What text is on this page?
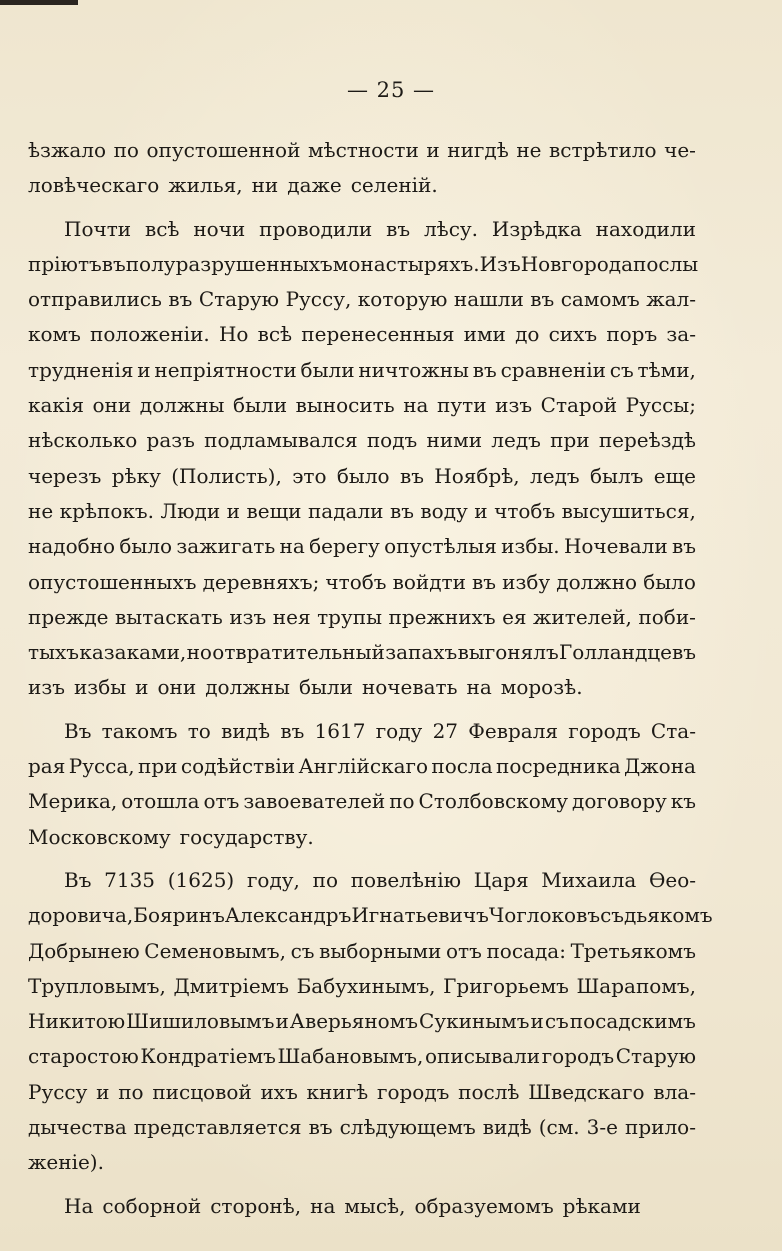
— 25 —
ѣзжало по опустошенной мѣстности и нигдѣ не встрѣтило че-
ловѣческаго жилья, ни даже селеній.
Почти всѣ ночи проводили въ лѣсу. Изрѣдка находили
пріютъ въ полуразрушенныхъ монастыряхъ. Изъ Новгорода послы
отправились въ Старую Руссу, которую нашли въ самомъ жал-
комъ положеніи. Но всѣ перенесенныя ими до сихъ поръ за-
трудненія и непріятности были ничтожны въ сравненіи съ тѣми,
какія они должны были выносить на пути изъ Старой Руссы;
нѣсколько разъ подламывался подъ ними ледъ при переѣздѣ
черезъ рѣку (Полисть), это было въ Ноябрѣ, ледъ былъ еще
не крѣпокъ. Люди и вещи падали въ воду и чтобъ высушиться,
надобно было зажигать на берегу опустѣлыя избы. Ночевали въ
опустошенныхъ деревняхъ; чтобъ войдти въ избу должно было
прежде вытаскать изъ нея трупы прежнихъ ея жителей, поби-
тыхъ казаками, но отвратительный запахъ выгонялъ Голландцевъ
изъ избы и они должны были ночевать на морозѣ.
Въ такомъ то видѣ въ 1617 году 27 Февраля городъ Ста-
рая Русса, при содѣйствіи Англійскаго посла посредника Джона
Мерика, отошла отъ завоевателей по Столбовскому договору къ
Московскому государству.
Въ 7135 (1625) году, по повелѣнію Царя Михаила Ѳео-
доровича, Бояринъ Александръ Игнатьевичъ Чоглоковъ съ дьякомъ
Добрынею Семеновымъ, съ выборными отъ посада: Третьякомъ
Трупловымъ, Дмитріемъ Бабухинымъ, Григорьемъ Шарапомъ,
Никитою Шишиловымъ и Аверьяномъ Сукинымъ и съ посадскимъ
старостою Кондратіемъ Шабановымъ, описывали городъ Старую
Руссу и по писцовой ихъ книгѣ городъ послѣ Шведскаго вла-
дычества представляется въ слѣдующемъ видѣ (см. 3-е прило-
женіе).
На соборной сторонѣ, на мысѣ, образуемомъ рѣками
